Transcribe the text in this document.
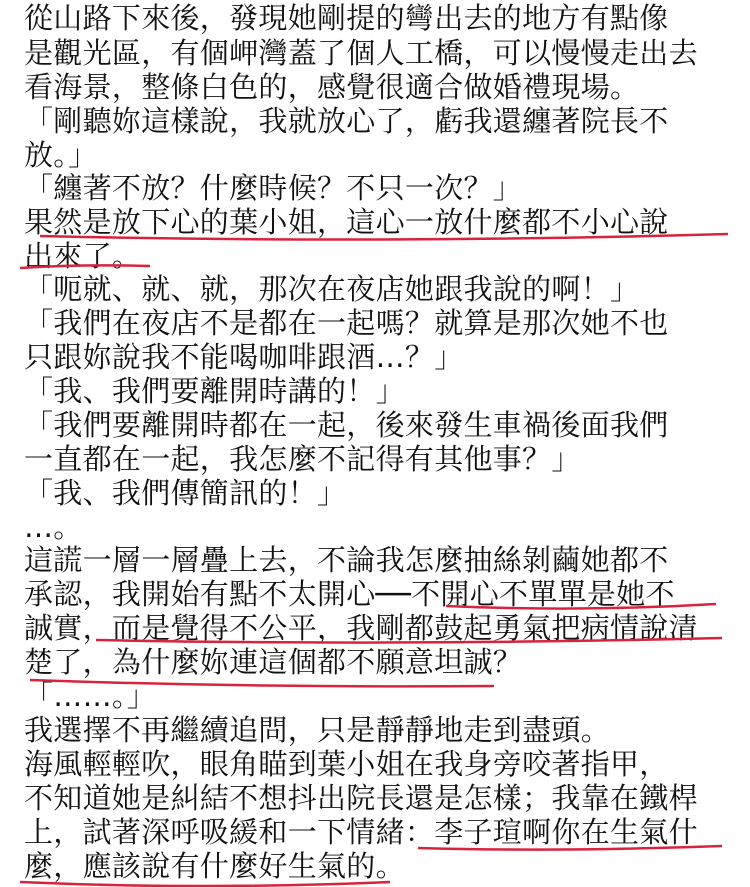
從山路下來後，發現她剛提的彎出去的地方有點像
是觀光區，有個岬灣蓋了個人工橋，可以慢慢走出去
看海景，整條白色的，感覺很適合做婚禮現場。
「剛聽妳這樣說，我就放心了，虧我還纏著院長不
放。」
「纏著不放？什麼時候？不只一次？」
果然是放下心的葉小姐，這心一放什麼都不小心說
出來了。
「呃就、就、就，那次在夜店她跟我說的啊！」
「我們在夜店不是都在一起嗎？就算是那次她不也
只跟妳說我不能喝咖啡跟酒…？」
「我、我們要離開時講的！」
「我們要離開時都在一起，後來發生車禍後面我們
一直都在一起，我怎麼不記得有其他事？」
「我、我們傳簡訊的！」
…。
這謊一層一層疊上去，不論我怎麼抽絲剝繭她都不
承認，我開始有點不太開心──不開心不單單是她不
誠實，而是覺得不公平，我剛都鼓起勇氣把病情說清
楚了，為什麼妳連這個都不願意坦誠？
「……。」
我選擇不再繼續追問，只是靜靜地走到盡頭。
海風輕輕吹，眼角瞄到葉小姐在我身旁咬著指甲，
不知道她是糾結不想抖出院長還是怎樣；我靠在鐵桿
上，試著深呼吸緩和一下情緒：李子瑄啊你在生氣什
麼，應該說有什麼好生氣的。
